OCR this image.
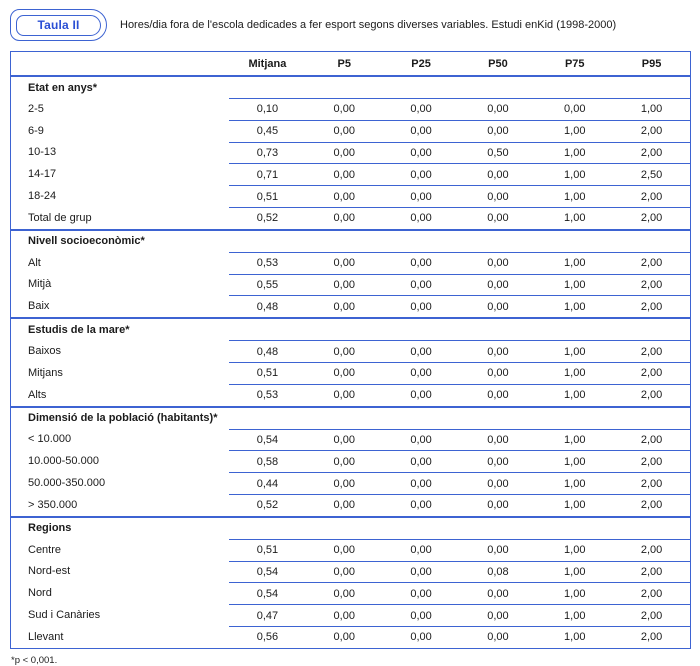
Taula II	Hores/dia fora de l'escola dedicades a fer esport segons diverses variables. Estudi enKid (1998-2000)
Mitjana	P5	P25	P50	P75	P95
Etat en anys*
2-5	0,10	0,00	0,00	0,00	0,00	1,00
6-9	0,45	0,00	0,00	0,00	1,00	2,00
10-13	0,73	0,00	0,00	0,50	1,00	2,00
14-17	0,71	0,00	0,00	0,00	1,00	2,50
18-24	0,51	0,00	0,00	0,00	1,00	2,00
Total de grup	0,52	0,00	0,00	0,00	1,00	2,00
Nivell socioeconòmic*
Alt	0,53	0,00	0,00	0,00	1,00	2,00
Mitjà	0,55	0,00	0,00	0,00	1,00	2,00
Baix	0,48	0,00	0,00	0,00	1,00	2,00
Estudis de la mare*
Baixos	0,48	0,00	0,00	0,00	1,00	2,00
Mitjans	0,51	0,00	0,00	0,00	1,00	2,00
Alts	0,53	0,00	0,00	0,00	1,00	2,00
Dimensió de la població (habitants)*
< 10.000	0,54	0,00	0,00	0,00	1,00	2,00
10.000-50.000	0,58	0,00	0,00	0,00	1,00	2,00
50.000-350.000	0,44	0,00	0,00	0,00	1,00	2,00
> 350.000	0,52	0,00	0,00	0,00	1,00	2,00
Regions
Centre	0,51	0,00	0,00	0,00	1,00	2,00
Nord-est	0,54	0,00	0,00	0,08	1,00	2,00
Nord	0,54	0,00	0,00	0,00	1,00	2,00
Sud i Canàries	0,47	0,00	0,00	0,00	1,00	2,00
Llevant	0,56	0,00	0,00	0,00	1,00	2,00
*p < 0,001.
